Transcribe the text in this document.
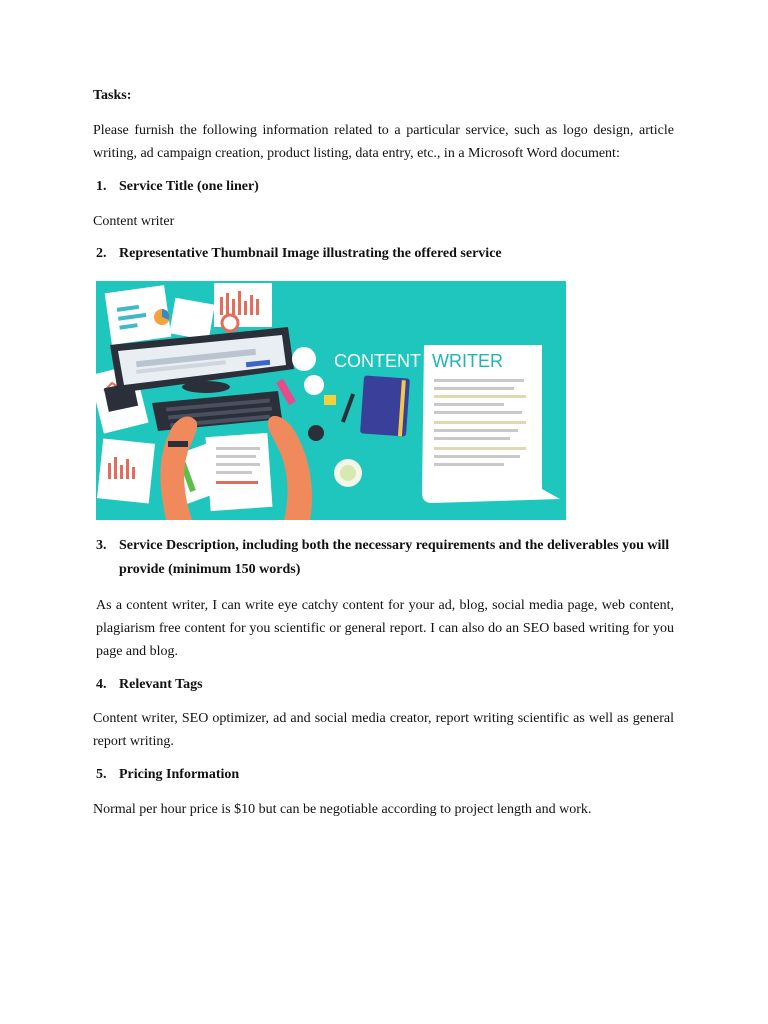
Tasks:

Please furnish the following information related to a particular service, such as logo design, article writing, ad campaign creation, product listing, data entry, etc., in a Microsoft Word document:

1. Service Title (one liner)

Content writer

2. Representative Thumbnail Image illustrating the offered service
CONTENT WRITER
3. Service Description, including both the necessary requirements and the deliverables you will provide (minimum 150 words)

As a content writer, I can write eye catchy content for your ad, blog, social media page, web content, plagiarism free content for you scientific or general report. I can also do an SEO based writing for you page and blog.

4. Relevant Tags

Content writer, SEO optimizer, ad and social media creator, report writing scientific as well as general report writing.

5. Pricing Information

Normal per hour price is $10 but can be negotiable according to project length and work.
